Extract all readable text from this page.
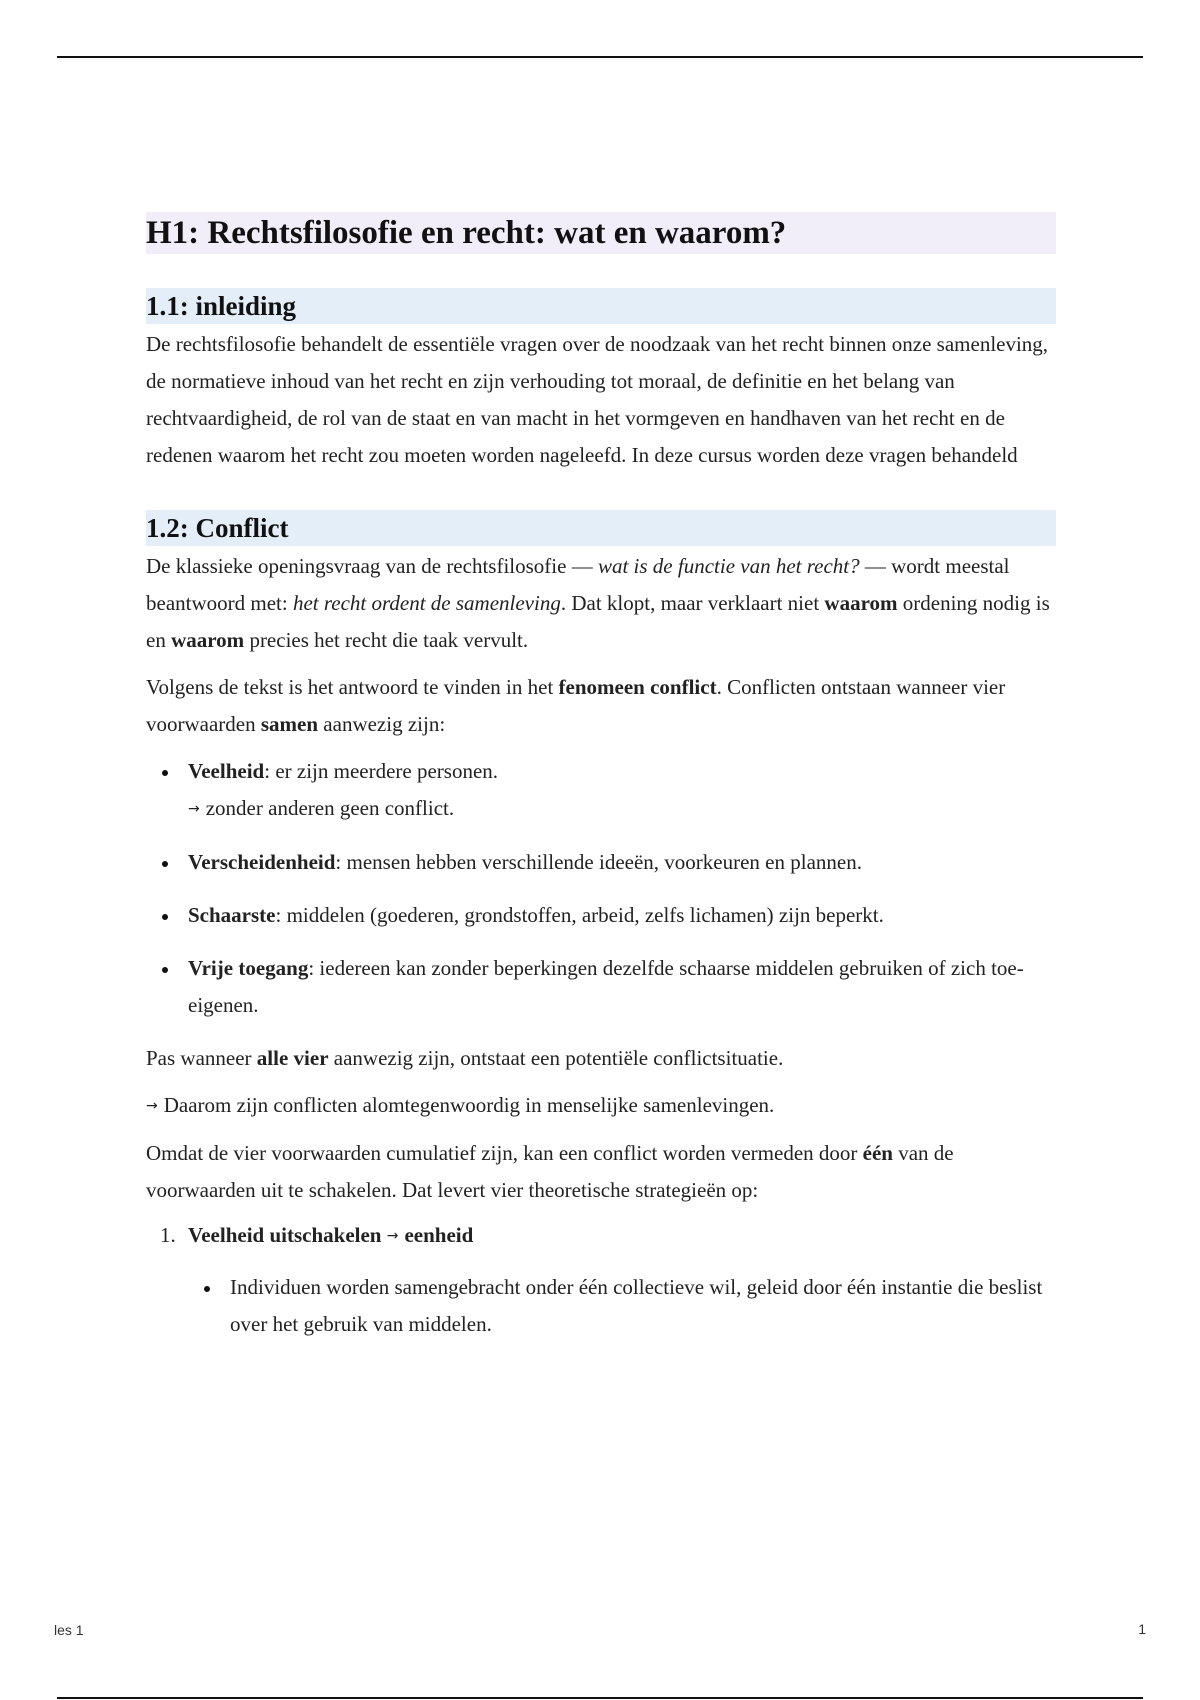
H1: Rechtsfilosofie en recht: wat en waarom?
1.1: inleiding

De rechtsfilosofie behandelt de essentiële vragen over de noodzaak van het recht binnen onze samenleving, de normatieve inhoud van het recht en zijn verhouding tot moraal, de definitie en het belang van rechtvaardigheid, de rol van de staat en van macht in het vormgeven en handhaven van het recht en de redenen waarom het recht zou moeten worden nageleefd. In deze cursus worden deze vragen behandeld

1.2: Conflict

De klassieke openingsvraag van de rechtsfilosofie — wat is de functie van het recht? — wordt meestal beantwoord met: het recht ordent de samenleving. Dat klopt, maar verklaart niet waarom ordening nodig is en waarom precies het recht die taak vervult.

Volgens de tekst is het antwoord te vinden in het fenomeen conflict. Conflicten ontstaan wanneer vier voorwaarden samen aanwezig zijn:

Veelheid: er zijn meerdere personen.
→ zonder anderen geen conflict.
Verscheidenheid: mensen hebben verschillende ideeën, voorkeuren en plannen.
Schaarste: middelen (goederen, grondstoffen, arbeid, zelfs lichamen) zijn beperkt.
Vrije toegang: iedereen kan zonder beperkingen dezelfde schaarse middelen gebruiken of zich toe-eigenen.

Pas wanneer alle vier aanwezig zijn, ontstaat een potentiële conflictsituatie.

→ Daarom zijn conflicten alomtegenwoordig in menselijke samenlevingen.

Omdat de vier voorwaarden cumulatief zijn, kan een conflict worden vermeden door één van de voorwaarden uit te schakelen. Dat levert vier theoretische strategieën op:

1. Veelheid uitschakelen → eenheid
Individuen worden samengebracht onder één collectieve wil, geleid door één instantie die beslist over het gebruik van middelen.
les 1	1
